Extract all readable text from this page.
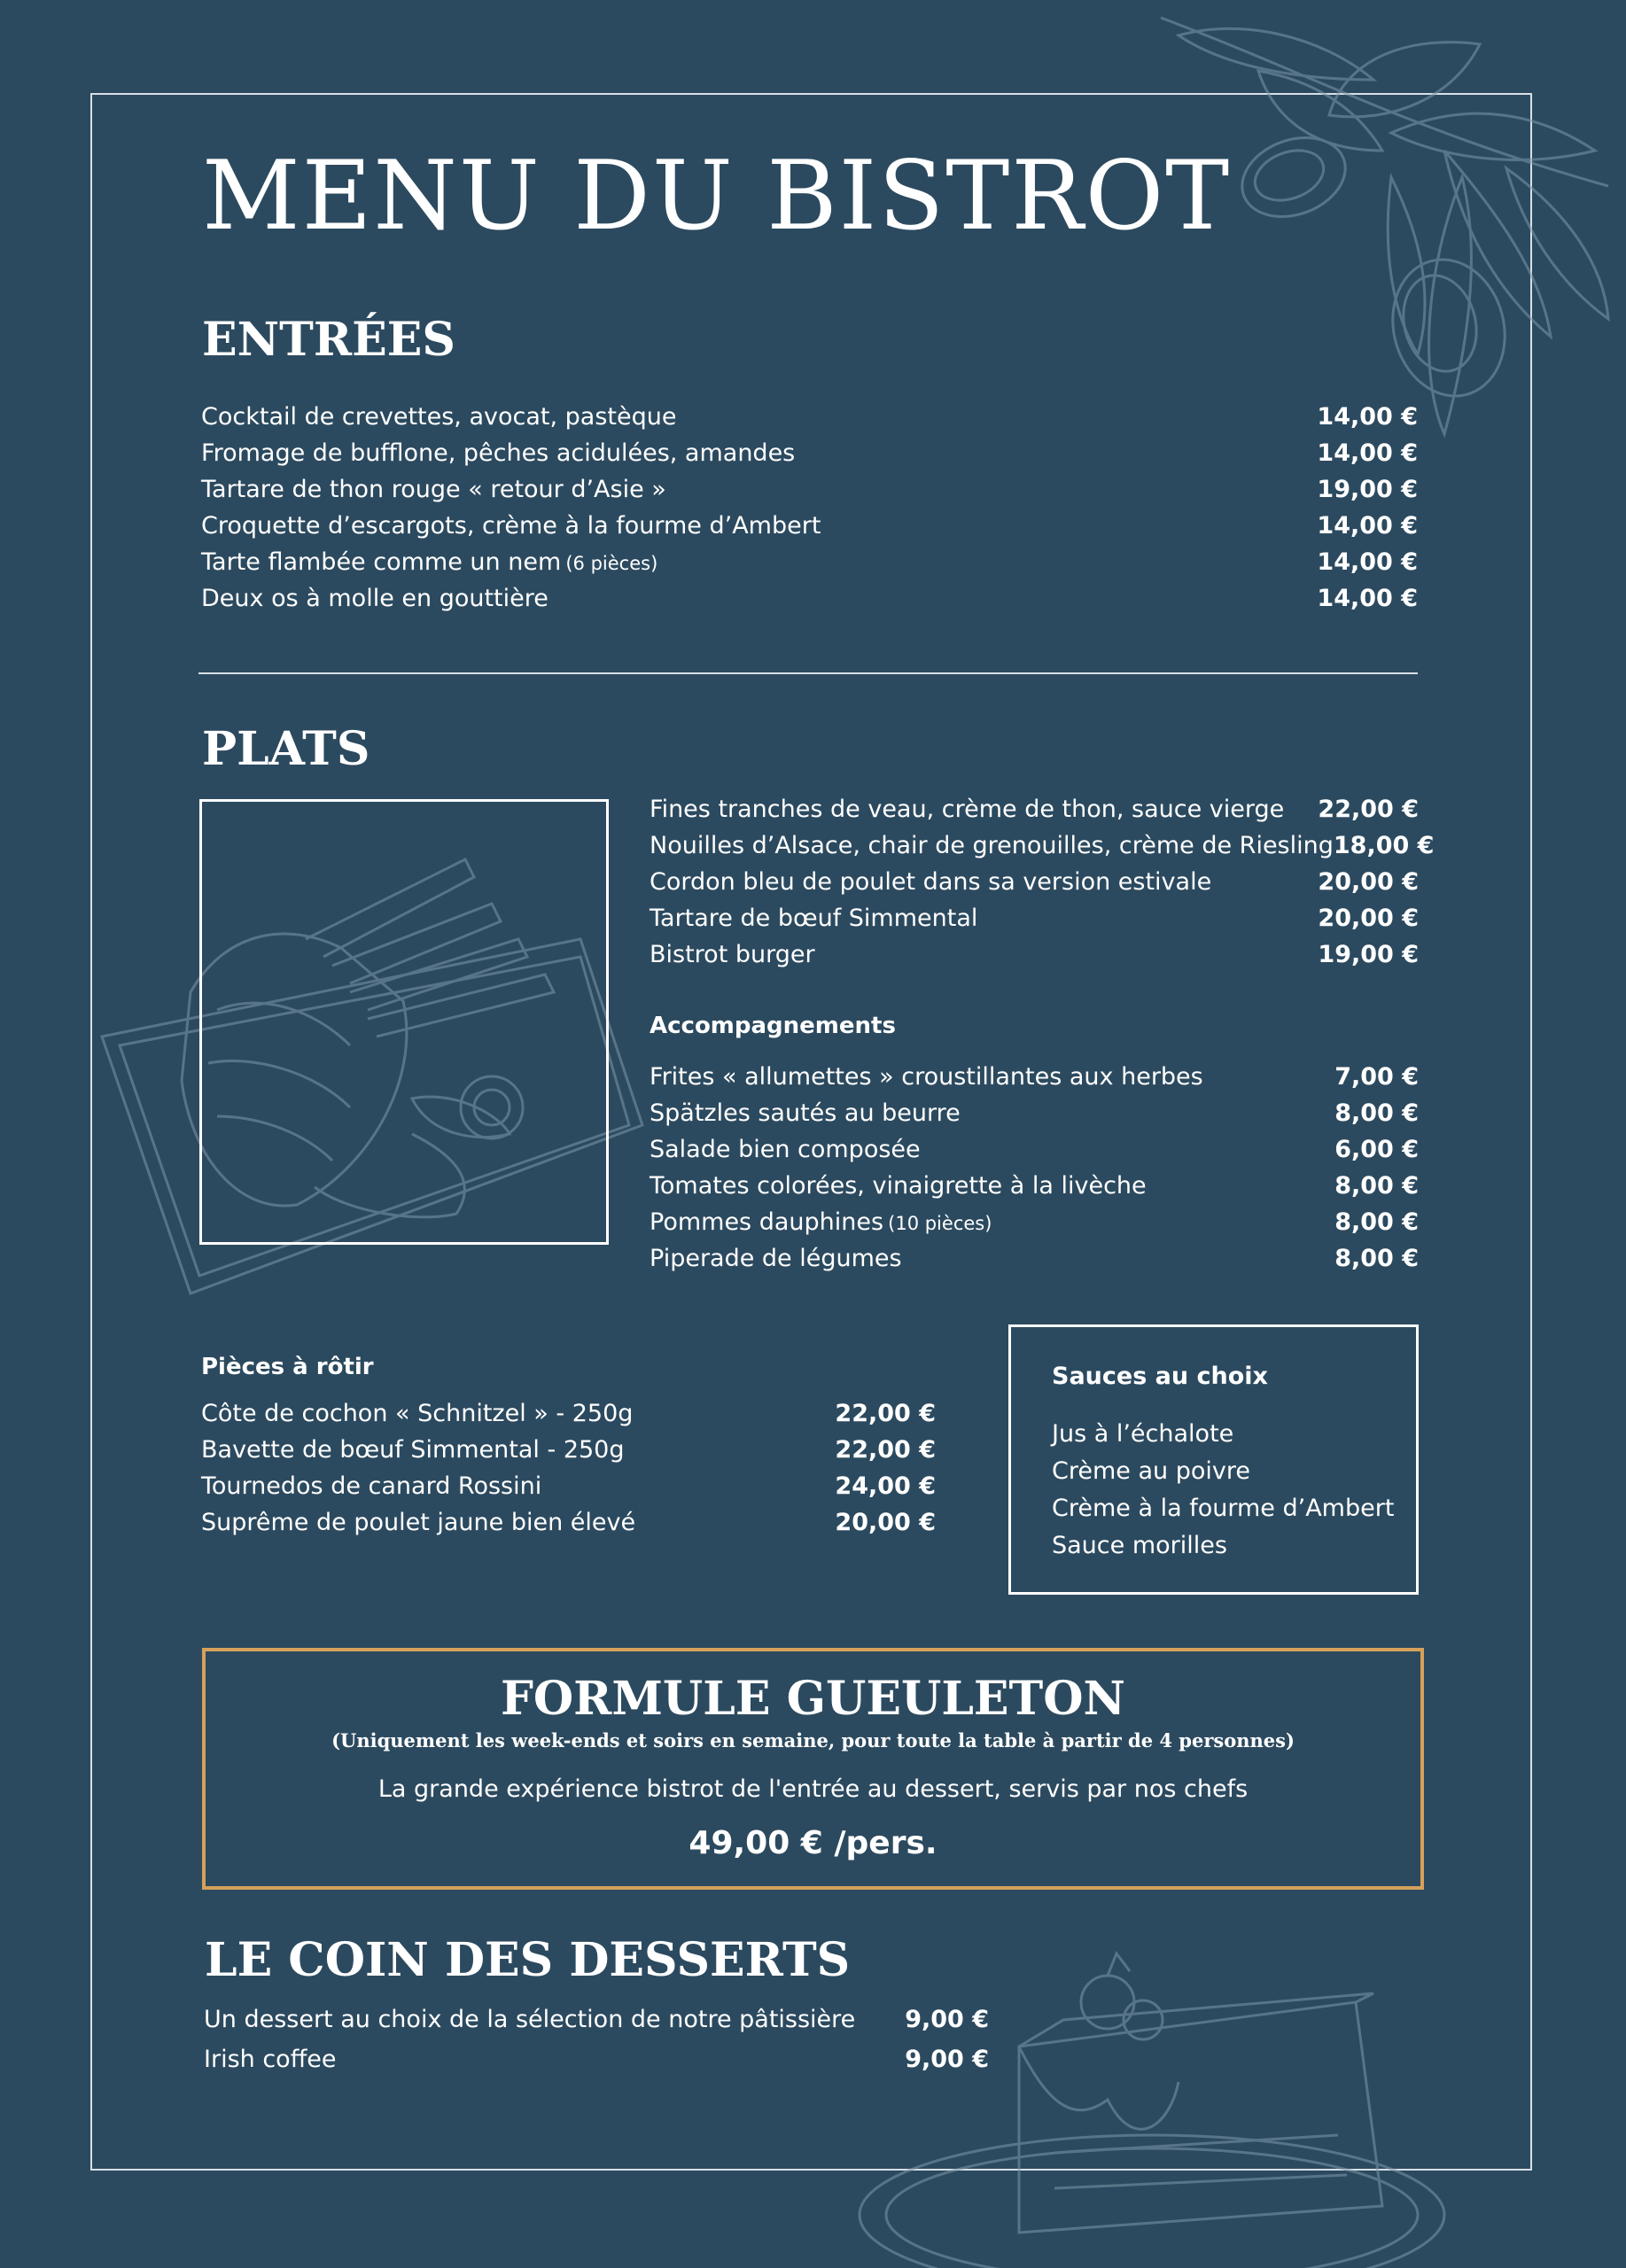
MENU DU BISTROT
ENTRÉES
Cocktail de crevettes, avocat, pastèque	14,00 €
Fromage de bufflone, pêches acidulées, amandes	14,00 €
Tartare de thon rouge « retour d’Asie »	19,00 €
Croquette d’escargots, crème à la fourme d’Ambert	14,00 €
Tarte flambée comme un nem (6 pièces)	14,00 €
Deux os à molle en gouttière	14,00 €
PLATS
Fines tranches de veau, crème de thon, sauce vierge 22,00 €
Nouilles d’Alsace, chair de grenouilles, crème de Riesling 18,00 €
Cordon bleu de poulet dans sa version estivale	20,00 €
Tartare de bœuf Simmental	20,00 €
Bistrot burger	19,00 €
Accompagnements
Frites « allumettes » croustillantes aux herbes	7,00 €
Spätzles sautés au beurre	8,00 €
Salade bien composée	6,00 €
Tomates colorées, vinaigrette à la livèche	8,00 €
Pommes dauphines (10 pièces)	8,00 €
Piperade de légumes	8,00 €
Pièces à rôtir
Côte de cochon « Schnitzel » - 250g	22,00 €
Bavette de bœuf Simmental - 250g	22,00 €
Tournedos de canard Rossini	24,00 €
Suprême de poulet jaune bien élevé	20,00 €
Sauces au choix
Jus à l’échalote
Crème au poivre
Crème à la fourme d’Ambert
Sauce morilles
FORMULE GUEULETON
(Uniquement les week-ends et soirs en semaine, pour toute la table à partir de 4 personnes)
La grande expérience bistrot de l'entrée au dessert, servis par nos chefs
49,00 € /pers.
LE COIN DES DESSERTS
Un dessert au choix de la sélection de notre pâtissière 9,00 €
Irish coffee	9,00 €
